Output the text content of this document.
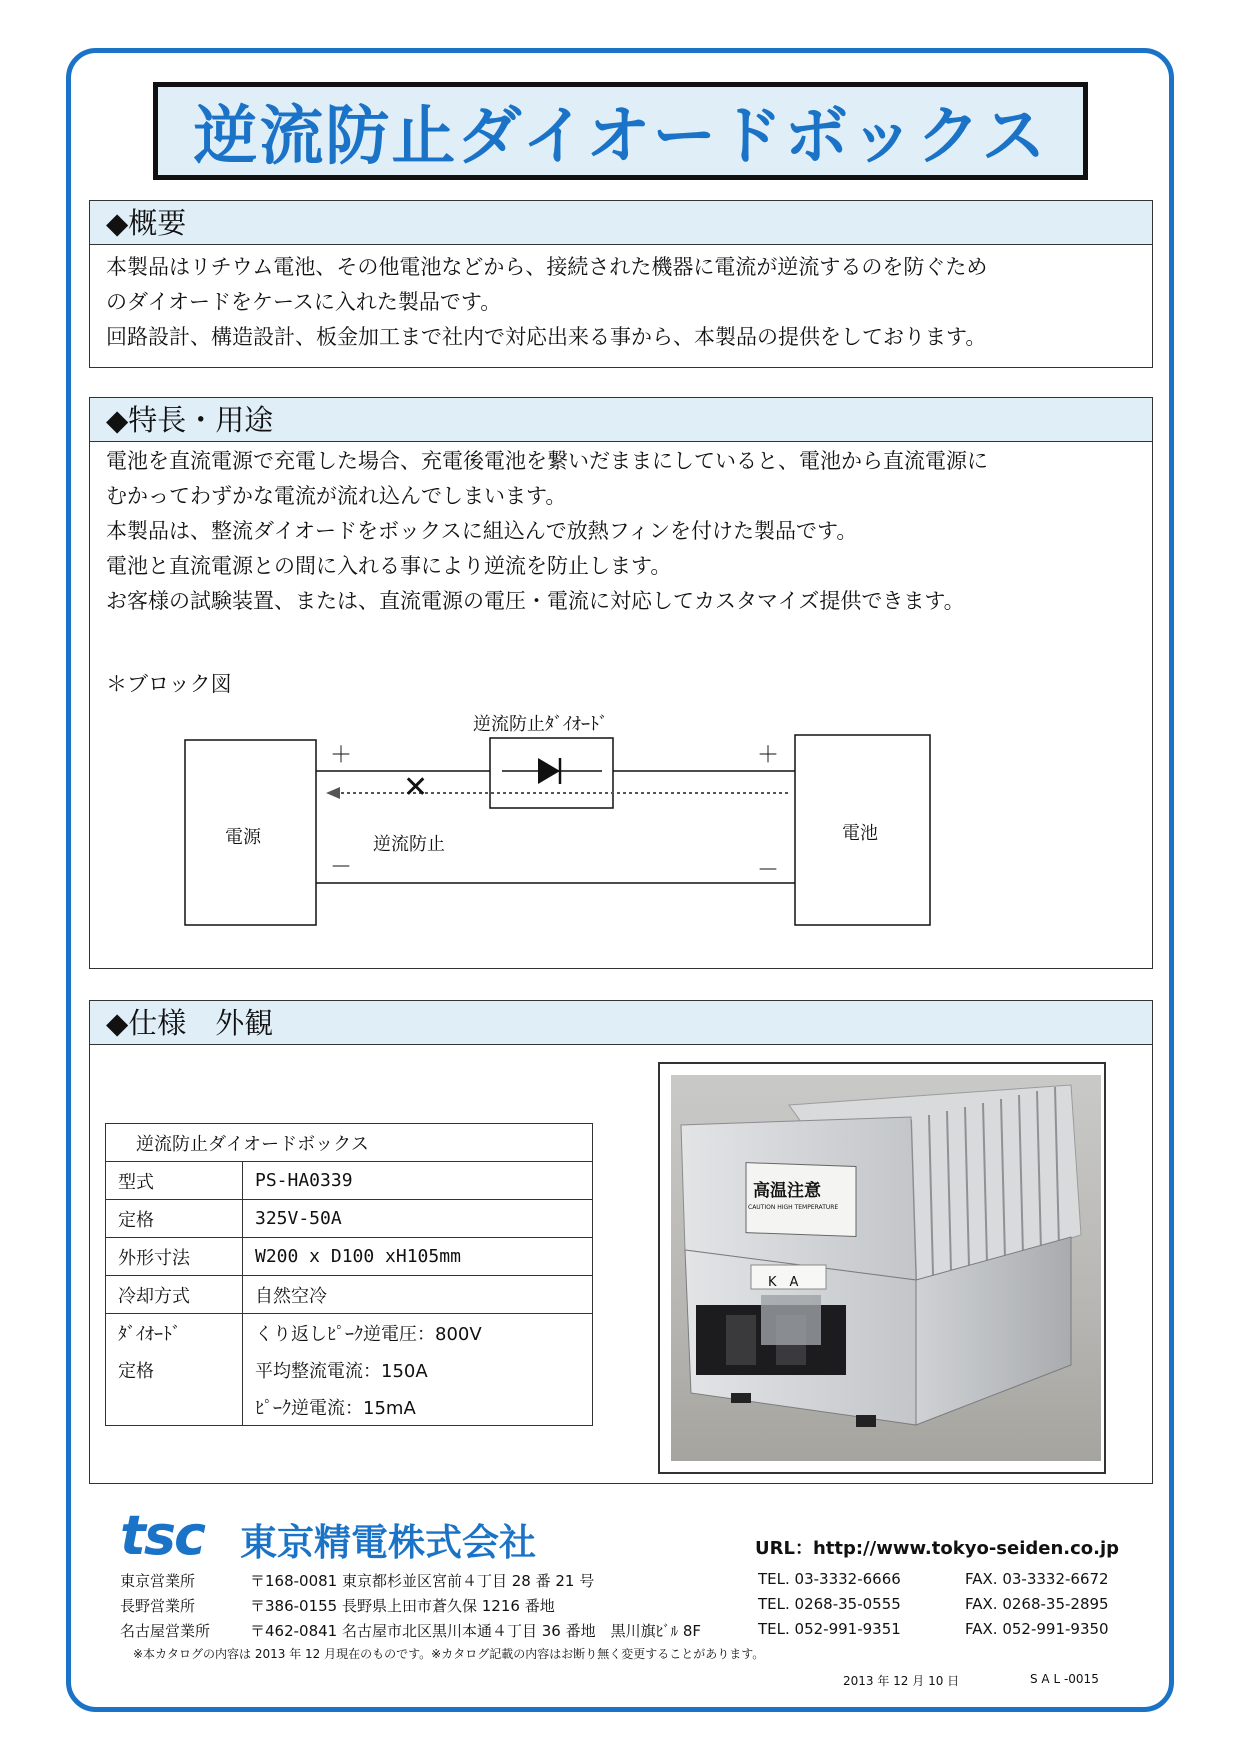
逆流防止ダイオードボックス
◆概要

本製品はリチウム電池、その他電池などから、接続された機器に電流が逆流するのを防ぐため

のダイオードをケースに入れた製品です。

回路設計、構造設計、板金加工まで社内で対応出来る事から、本製品の提供をしております。

◆特長・用途

電池を直流電源で充電した場合、充電後電池を繋いだままにしていると、電池から直流電源に

むかってわずかな電流が流れ込んでしまいます。

本製品は、整流ダイオードをボックスに組込んで放熱フィンを付けた製品です。

電池と直流電源との間に入れる事により逆流を防止します。

お客様の試験装置、または、直流電源の電圧・電流に対応してカスタマイズ提供できます。

＊ブロック図
逆流防止ﾀﾞｲｵｰﾄﾞ
＋	＋
✕
電源	電池
逆流防止
－	－
◆仕様　外観
逆流防止ダイオードボックス	
型式	PS-HA0339
定格	325V-50A
外形寸法	W200 x D100 xH105mm
冷却方式	自然空冷
ﾀﾞｲｵｰﾄﾞ	くり返しﾋﾟｰｸ逆電圧：800V
定格	平均整流電流：150A
	ﾋﾟｰｸ逆電流：15mA
高温注意
CAUTION HIGH TEMPERATURE
K　A
tsc 東京精電株式会社	URL：http://www.tokyo-seiden.co.jp
東京営業所	〒168-0081 東京都杉並区宮前４丁目 28 番 21 号	TEL. 03-3332-6666	FAX. 03-3332-6672
長野営業所	〒386-0155 長野県上田市蒼久保 1216 番地	TEL. 0268-35-0555	FAX. 0268-35-2895
名古屋営業所	〒462-0841 名古屋市北区黒川本通４丁目 36 番地　黒川旗ﾋﾞﾙ 8F	TEL. 052-991-9351	FAX. 052-991-9350
※本カタログの内容は 2013 年 12 月現在のものです。※カタログ記載の内容はお断り無く変更することがあります。
2013 年 12 月 10 日	S A L -0015
